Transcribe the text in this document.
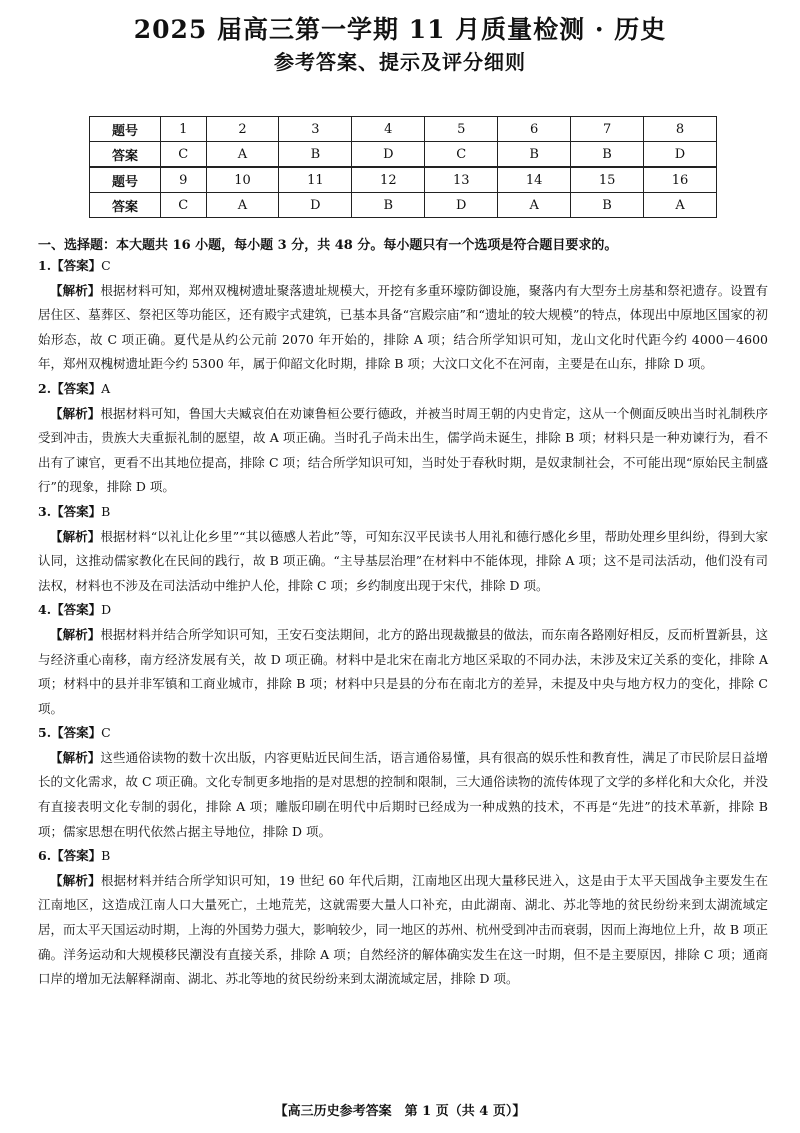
2025 届高三第一学期 11 月质量检测 · 历史
参考答案、提示及评分细则
题号	1	2	3	4	5	6	7	8
答案	C	A	B	D	C	B	B	D
题号	9	10	11	12	13	14	15	16
答案	C	A	D	B	D	A	B	A
一、选择题：本大题共 16 小题，每小题 3 分，共 48 分。每小题只有一个选项是符合题目要求的。
1.【答案】C
【解析】根据材料可知，郑州双槐树遗址聚落遗址规模大，开挖有多重环壕防御设施，聚落内有大型夯土房基和祭祀遗存。设置有居住区、墓葬区、祭祀区等功能区，还有殿宇式建筑，已基本具备“宫殿宗庙”和“遗址的较大规模”的特点，体现出中原地区国家的初始形态，故 C 项正确。夏代是从约公元前 2070 年开始的，排除 A 项；结合所学知识可知，龙山文化时代距今约 4000－4600 年，郑州双槐树遗址距今约 5300 年，属于仰韶文化时期，排除 B 项；大汶口文化不在河南，主要是在山东，排除 D 项。
2.【答案】A
【解析】根据材料可知，鲁国大夫臧哀伯在劝谏鲁桓公要行德政，并被当时周王朝的内史肯定，这从一个侧面反映出当时礼制秩序受到冲击，贵族大夫重振礼制的愿望，故 A 项正确。当时孔子尚未出生，儒学尚未诞生，排除 B 项；材料只是一种劝谏行为，看不出有了谏官，更看不出其地位提高，排除 C 项；结合所学知识可知，当时处于春秋时期，是奴隶制社会，不可能出现“原始民主制盛行”的现象，排除 D 项。
3.【答案】B
【解析】根据材料“以礼让化乡里”“其以德感人若此”等，可知东汉平民读书人用礼和德行感化乡里，帮助处理乡里纠纷，得到大家认同，这推动儒家教化在民间的践行，故 B 项正确。“主导基层治理”在材料中不能体现，排除 A 项；这不是司法活动，他们没有司法权，材料也不涉及在司法活动中维护人伦，排除 C 项；乡约制度出现于宋代，排除 D 项。
4.【答案】D
【解析】根据材料并结合所学知识可知，王安石变法期间，北方的路出现裁撤县的做法，而东南各路刚好相反，反而析置新县，这与经济重心南移，南方经济发展有关，故 D 项正确。材料中是北宋在南北方地区采取的不同办法，未涉及宋辽关系的变化，排除 A 项；材料中的县并非军镇和工商业城市，排除 B 项；材料中只是县的分布在南北方的差异，未提及中央与地方权力的变化，排除 C 项。
5.【答案】C
【解析】这些通俗读物的数十次出版，内容更贴近民间生活，语言通俗易懂，具有很高的娱乐性和教育性，满足了市民阶层日益增长的文化需求，故 C 项正确。文化专制更多地指的是对思想的控制和限制，三大通俗读物的流传体现了文学的多样化和大众化，并没有直接表明文化专制的弱化，排除 A 项；雕版印刷在明代中后期时已经成为一种成熟的技术，不再是“先进”的技术革新，排除 B 项；儒家思想在明代依然占据主导地位，排除 D 项。
6.【答案】B
【解析】根据材料并结合所学知识可知，19 世纪 60 年代后期，江南地区出现大量移民进入，这是由于太平天国战争主要发生在江南地区，这造成江南人口大量死亡，土地荒芜，这就需要大量人口补充，由此湖南、湖北、苏北等地的贫民纷纷来到太湖流域定居，而太平天国运动时期，上海的外国势力强大，影响较少，同一地区的苏州、杭州受到冲击而衰弱，因而上海地位上升，故 B 项正确。洋务运动和大规模移民潮没有直接关系，排除 A 项；自然经济的解体确实发生在这一时期，但不是主要原因，排除 C 项；通商口岸的增加无法解释湖南、湖北、苏北等地的贫民纷纷来到太湖流域定居，排除 D 项。
【高三历史参考答案　第 1 页（共 4 页）】
